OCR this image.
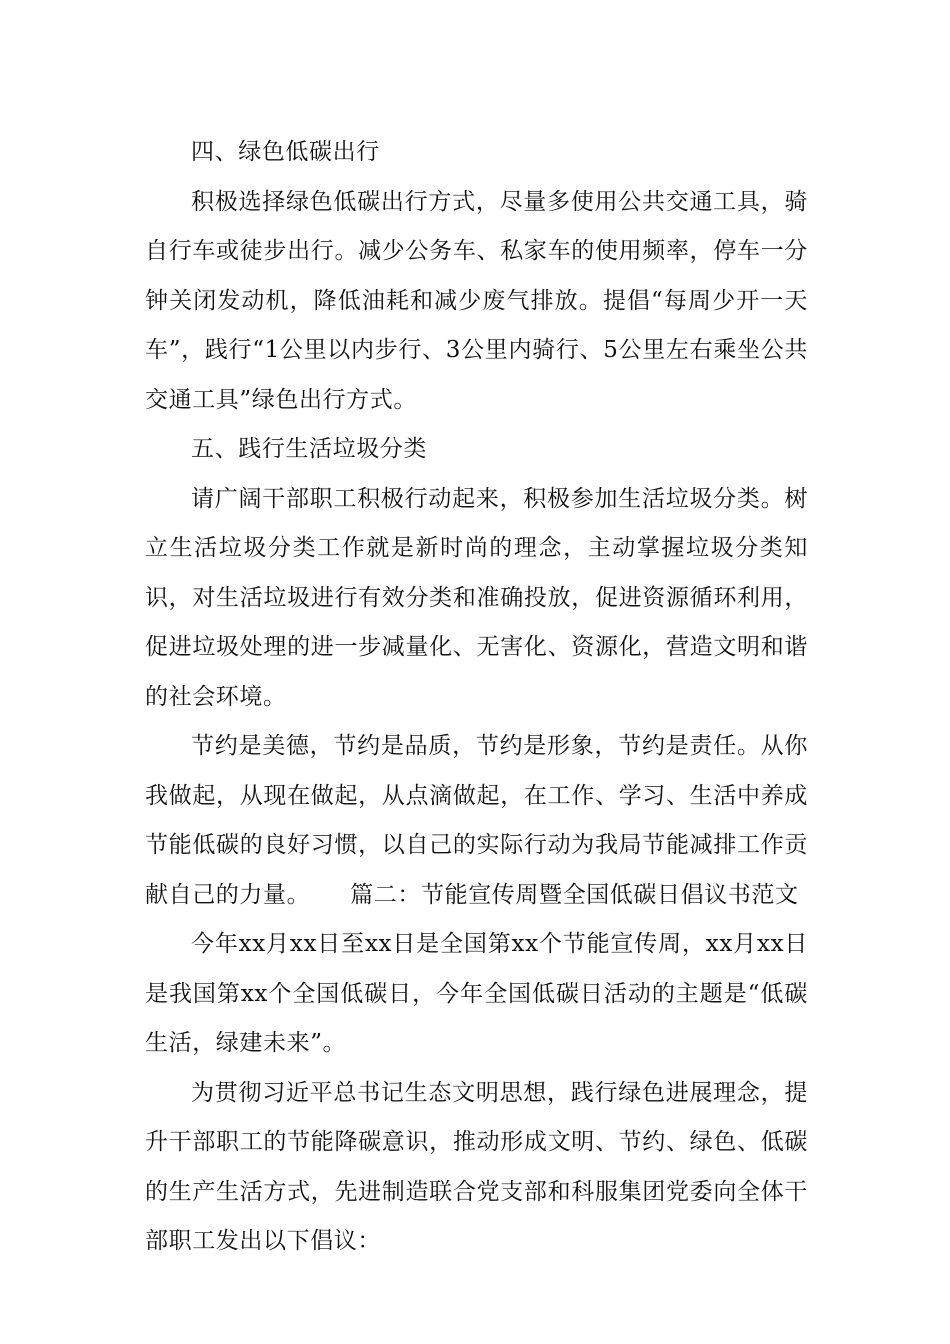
四、绿色低碳出行

积极选择绿色低碳出行方式，尽量多使用公共交通工具，骑自行车或徒步出行。减少公务车、私家车的使用频率，停车一分钟关闭发动机，降低油耗和减少废气排放。提倡“每周少开一天车”，践行“1公里以内步行、3公里内骑行、5公里左右乘坐公共交通工具”绿色出行方式。

五、践行生活垃圾分类

请广阔干部职工积极行动起来，积极参加生活垃圾分类。树立生活垃圾分类工作就是新时尚的理念，主动掌握垃圾分类知识，对生活垃圾进行有效分类和准确投放，促进资源循环利用，促进垃圾处理的进一步减量化、无害化、资源化，营造文明和谐的社会环境。

节约是美德，节约是品质，节约是形象，节约是责任。从你我做起，从现在做起，从点滴做起，在工作、学习、生活中养成节能低碳的良好习惯，以自己的实际行动为我局节能减排工作贡献自己的力量。 篇二：节能宣传周暨全国低碳日倡议书范文

今年xx月xx日至xx日是全国第xx个节能宣传周，xx月xx日是我国第xx个全国低碳日，今年全国低碳日活动的主题是“低碳生活，绿建未来”。

为贯彻习近平总书记生态文明思想，践行绿色进展理念，提升干部职工的节能降碳意识，推动形成文明、节约、绿色、低碳的生产生活方式，先进制造联合党支部和科服集团党委向全体干部职工发出以下倡议：
